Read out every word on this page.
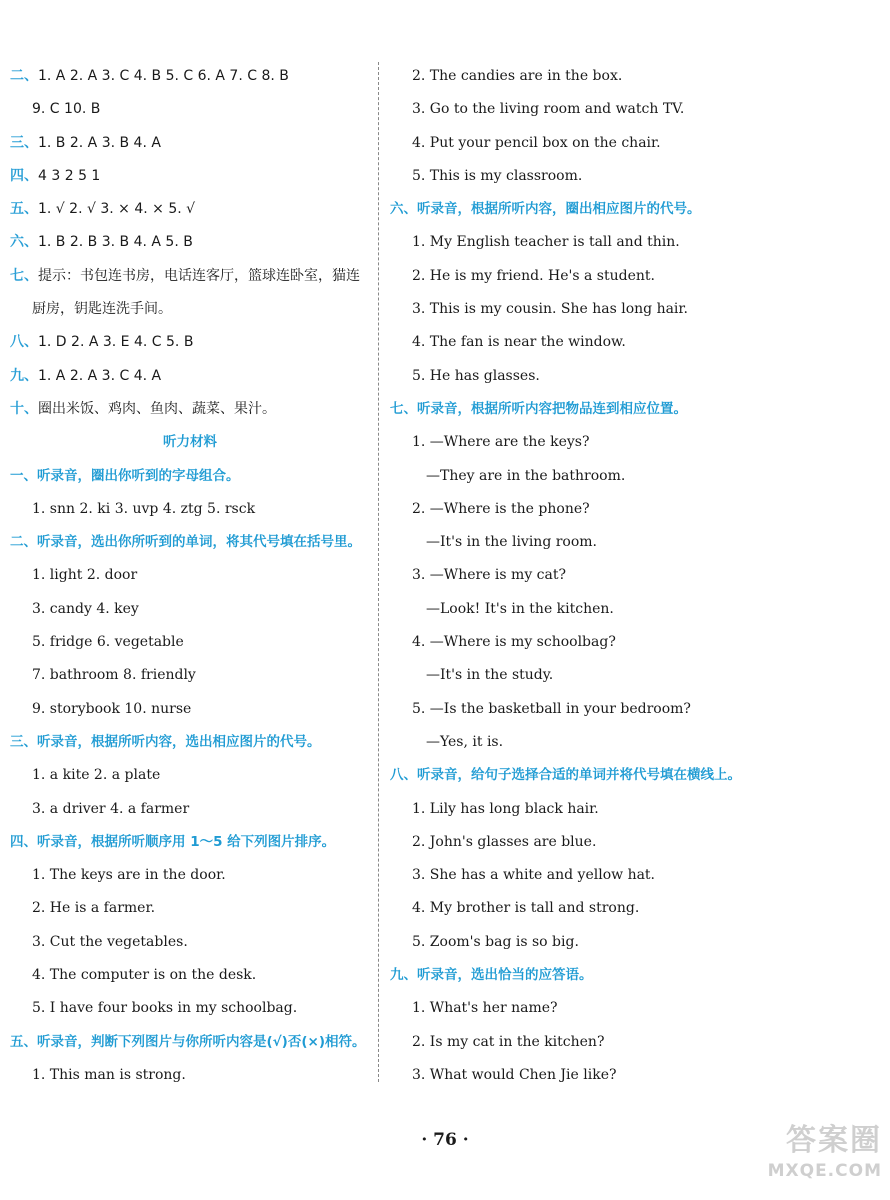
二、1. A 2. A 3. C 4. B 5. C 6. A 7. C 8. B
9. C 10. B
三、1. B 2. A 3. B 4. A
四、4 3 2 5 1
五、1. √ 2. √ 3. × 4. × 5. √
六、1. B 2. B 3. B 4. A 5. B
七、提示：书包连书房，电话连客厅，篮球连卧室，猫连
厨房，钥匙连洗手间。
八、1. D 2. A 3. E 4. C 5. B
九、1. A 2. A 3. C 4. A
十、圈出米饭、鸡肉、鱼肉、蔬菜、果汁。
听力材料
一、听录音，圈出你听到的字母组合。
1. snn 2. ki 3. uvp 4. ztg 5. rsck
二、听录音，选出你所听到的单词，将其代号填在括号里。
1. light 2. door
3. candy 4. key
5. fridge 6. vegetable
7. bathroom 8. friendly
9. storybook 10. nurse
三、听录音，根据所听内容，选出相应图片的代号。
1. a kite 2. a plate
3. a driver 4. a farmer
四、听录音，根据所听顺序用 1～5 给下列图片排序。
1. The keys are in the door.
2. He is a farmer.
3. Cut the vegetables.
4. The computer is on the desk.
5. I have four books in my schoolbag.
五、听录音，判断下列图片与你所听内容是(√)否(×)相符。
1. This man is strong.
2. The candies are in the box.
3. Go to the living room and watch TV.
4. Put your pencil box on the chair.
5. This is my classroom.
六、听录音，根据所听内容，圈出相应图片的代号。
1. My English teacher is tall and thin.
2. He is my friend. He's a student.
3. This is my cousin. She has long hair.
4. The fan is near the window.
5. He has glasses.
七、听录音，根据所听内容把物品连到相应位置。
1. —Where are the keys?
—They are in the bathroom.
2. —Where is the phone?
—It's in the living room.
3. —Where is my cat?
—Look! It's in the kitchen.
4. —Where is my schoolbag?
—It's in the study.
5. —Is the basketball in your bedroom?
—Yes, it is.
八、听录音，给句子选择合适的单词并将代号填在横线上。
1. Lily has long black hair.
2. John's glasses are blue.
3. She has a white and yellow hat.
4. My brother is tall and strong.
5. Zoom's bag is so big.
九、听录音，选出恰当的应答语。
1. What's her name?
2. Is my cat in the kitchen?
3. What would Chen Jie like?
· 76 ·	答案圈
MXQE.COM
